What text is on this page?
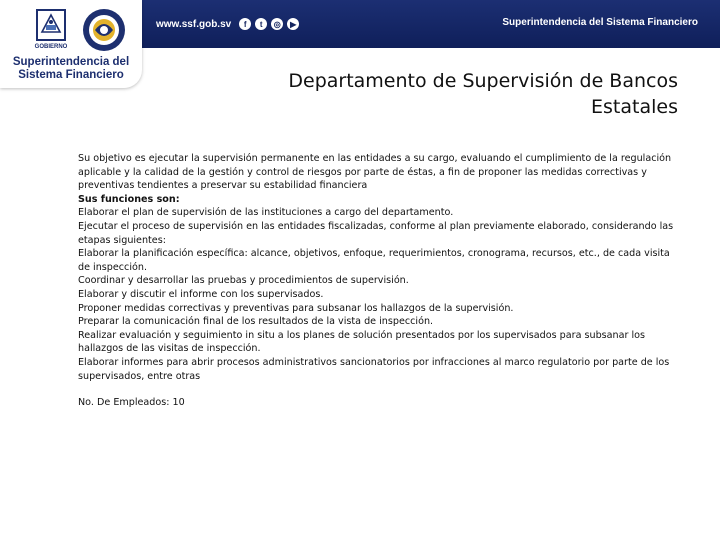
www.ssf.gob.sv	f	t	◎	▶	Superintendencia del Sistema Financiero
GOBIERNO
Superintendencia del
Sistema Financiero	Departamento de Supervisión de Bancos
Estatales

Su objetivo es ejecutar la supervisión permanente en las entidades a su cargo, evaluando el cumplimiento de la regulación aplicable y la calidad de la gestión y control de riesgos por parte de éstas, a fin de proponer las medidas correctivas y preventivas tendientes a preservar su estabilidad financiera

Sus funciones son:

Elaborar el plan de supervisión de las instituciones a cargo del departamento.

Ejecutar el proceso de supervisión en las entidades fiscalizadas, conforme al plan previamente elaborado, considerando las etapas siguientes:

Elaborar la planificación específica: alcance, objetivos, enfoque, requerimientos, cronograma, recursos, etc., de cada visita de inspección.

Coordinar y desarrollar las pruebas y procedimientos de supervisión.

Elaborar y discutir el informe con los supervisados.

Proponer medidas correctivas y preventivas para subsanar los hallazgos de la supervisión.

Preparar la comunicación final de los resultados de la vista de inspección.

Realizar evaluación y seguimiento in situ a los planes de solución presentados por los supervisados para subsanar los hallazgos de las visitas de inspección.

Elaborar informes para abrir procesos administrativos sancionatorios por infracciones al marco regulatorio por parte de los supervisados, entre otras

No. De Empleados: 10
